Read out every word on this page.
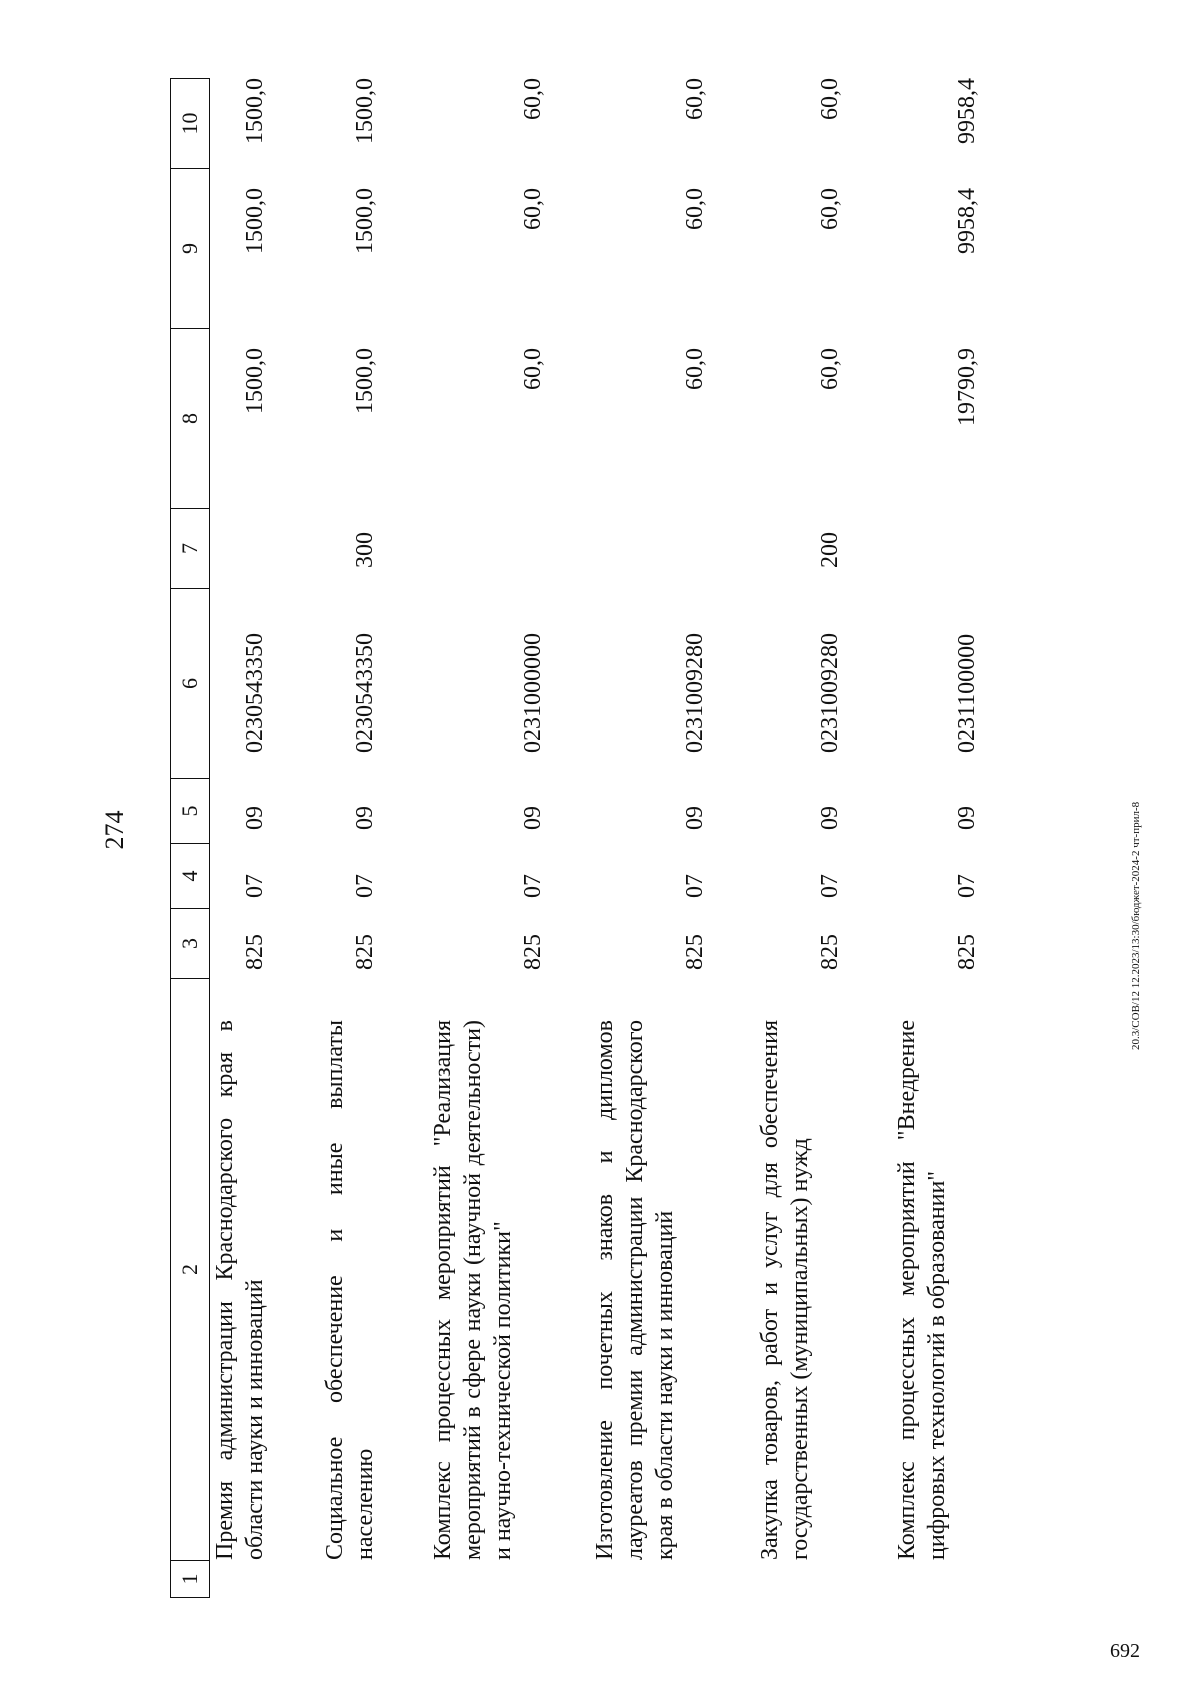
274
1
2
3
4
5
6
7
8
9
10
Премия администрации Краснодарского края в области науки и инноваций
825
07
09
0230543350
1500,0
1500,0
1500,0
Социальное обеспечение и иные выплаты населению
825
07
09
0230543350
300
1500,0
1500,0
1500,0
Комплекс процессных мероприятий "Реализация мероприятий в сфере науки (научной деятельности) и научно-технической политики"
825
07
09
0231000000
60,0
60,0
60,0
Изготовление почетных знаков и дипломов лауреатов премии администрации Краснодарского края в области науки и инноваций
825
07
09
0231009280
60,0
60,0
60,0
Закупка товаров, работ и услуг для обеспечения государственных (муниципальных) нужд
825
07
09
0231009280
200
60,0
60,0
60,0
Комплекс процессных мероприятий "Внедрение цифровых технологий в образовании"
825
07
09
0231100000
19790,9
9958,4
9958,4
20.3/СОВ/12 12.2023/13:30/бюджет-2024-2 чт-прил-8
692
